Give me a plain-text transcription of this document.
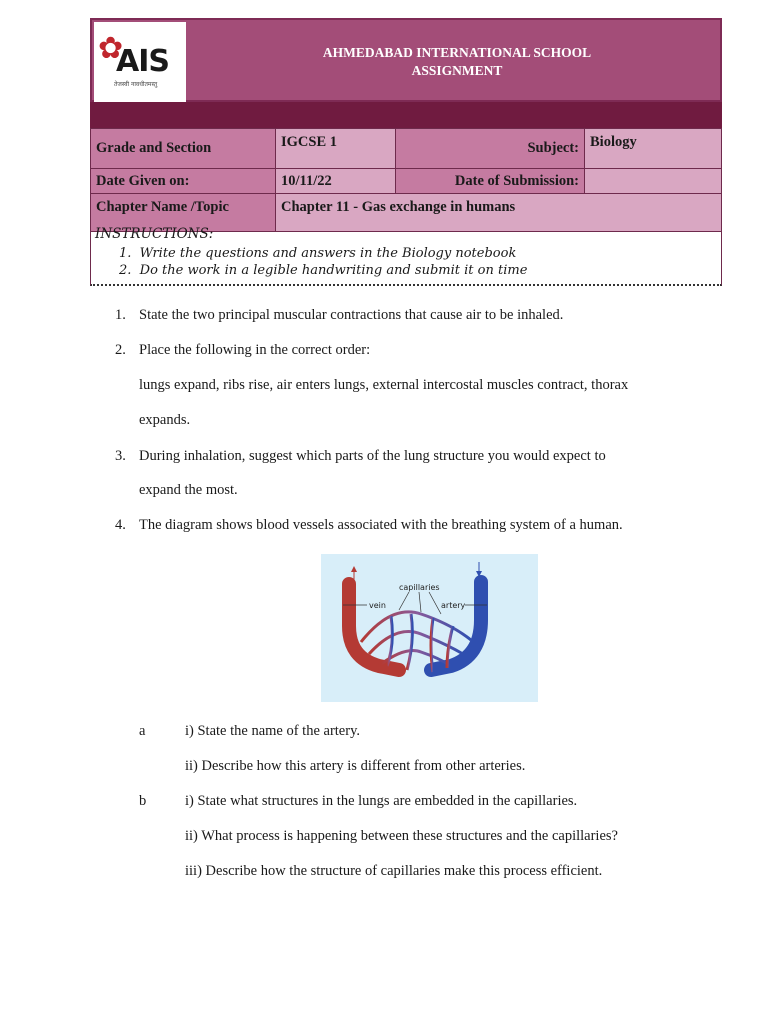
✿
AIS
तेजस्वी नावधीतमस्तु
AHMEDABAD INTERNATIONAL SCHOOL
ASSIGNMENT
Grade and Section	IGCSE 1	Subject:	Biology
Date Given on:	10/11/22	Date of Submission:	
Chapter Name /Topic	Chapter 11 - Gas exchange in humans		
INSTRUCTIONS:
1.  Write the questions and answers in the Biology notebook
2.  Do the work in a legible handwriting and submit it on time
1. State the two principal muscular contractions that cause air to be inhaled.
2. Place the following in the correct order:
lungs expand, ribs rise, air enters lungs, external intercostal muscles contract, thorax
expands.
3. During inhalation, suggest which parts of the lung structure you would expect to
expand the most.
4. The diagram shows blood vessels associated with the breathing system of a human.
capillaries
vein	artery
a	i) State the name of the artery.
ii) Describe how this artery is different from other arteries.
b	i) State what structures in the lungs are embedded in the capillaries.
ii) What process is happening between these structures and the capillaries?
iii) Describe how the structure of capillaries make this process efficient.
